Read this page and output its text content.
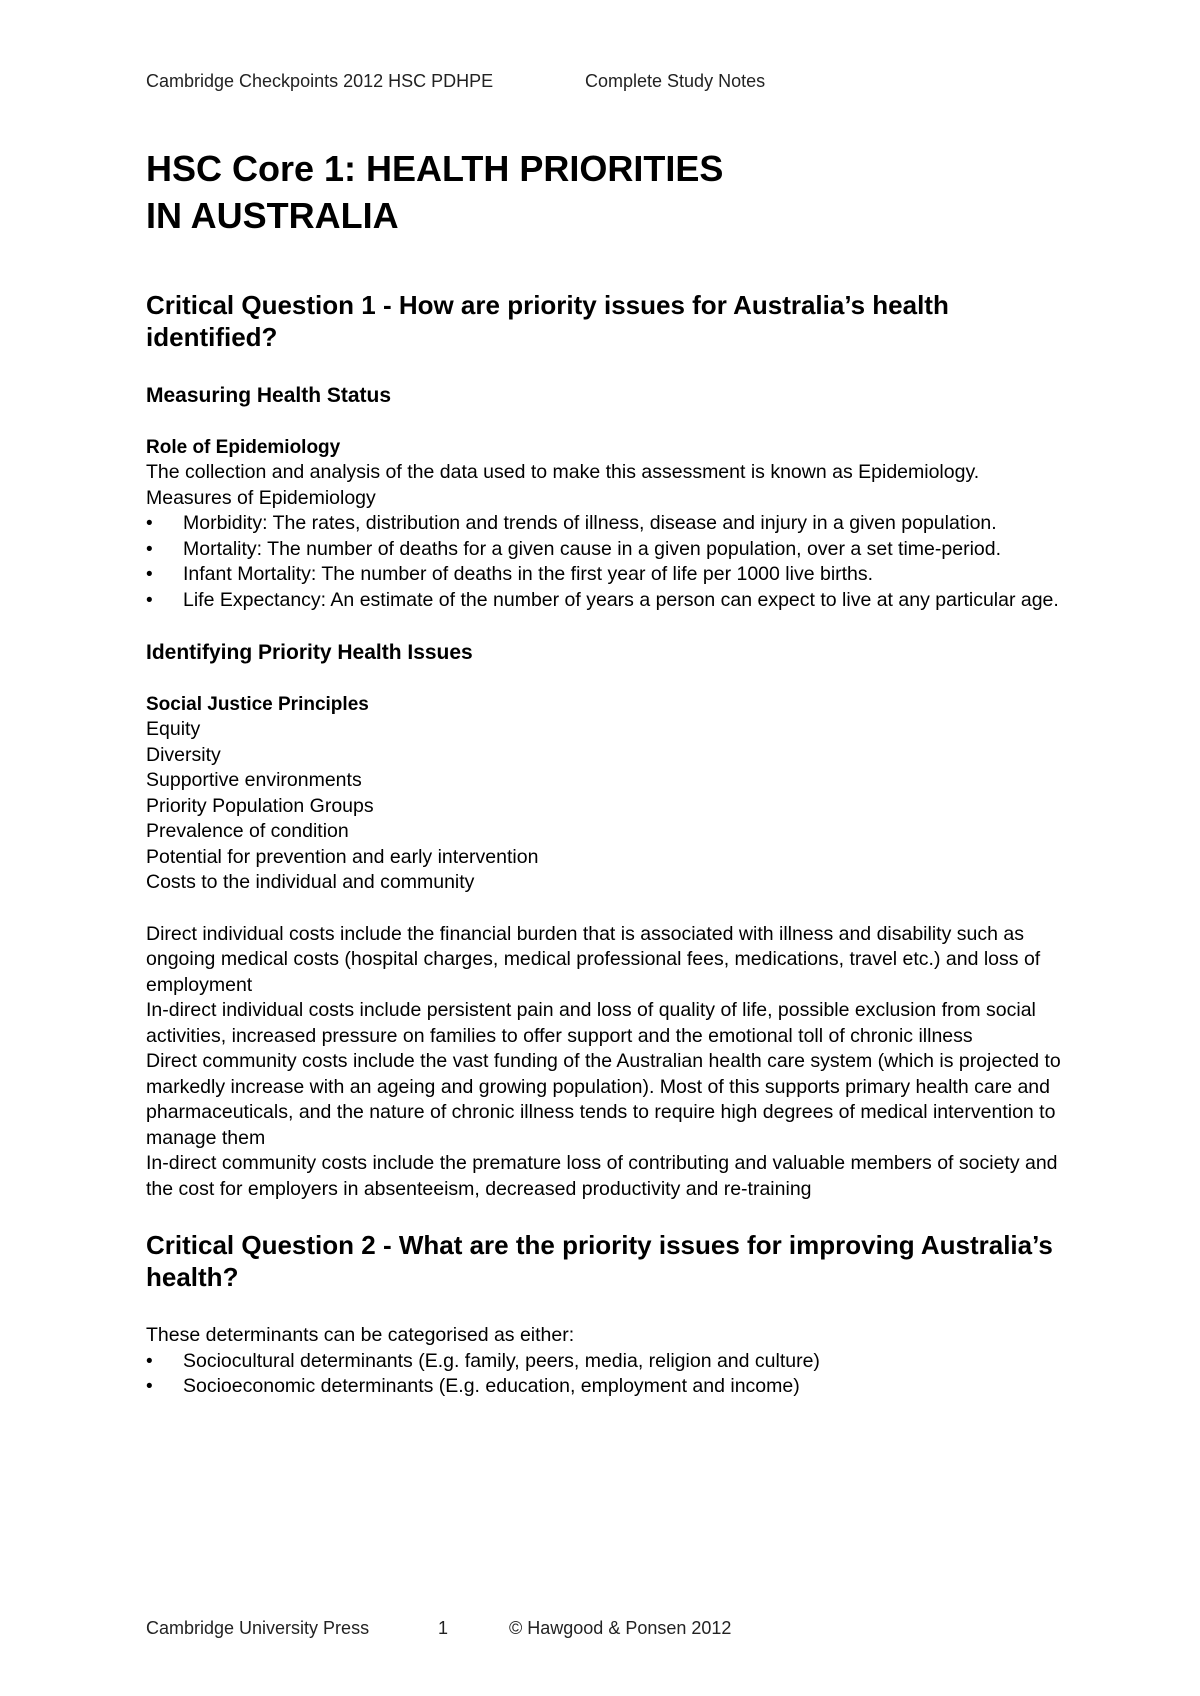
Cambridge Checkpoints 2012 HSC PDHPE	Complete Study Notes
HSC Core 1: HEALTH PRIORITIES
IN AUSTRALIA
Critical Question 1 - How are priority issues for Australia’s health identified?
Measuring Health Status
Role of Epidemiology

The collection and analysis of the data used to make this assessment is known as Epidemiology.

Measures of Epidemiology

• Morbidity: The rates, distribution and trends of illness, disease and injury in a given population.
• Mortality: The number of deaths for a given cause in a given population, over a set time-period.
• Infant Mortality: The number of deaths in the first year of life per 1000 live births.
• Life Expectancy: An estimate of the number of years a person can expect to live at any particular age.
Identifying Priority Health Issues
Social Justice Principles
Equity
Diversity
Supportive environments
Priority Population Groups
Prevalence of condition
Potential for prevention and early intervention
Costs to the individual and community

Direct individual costs include the financial burden that is associated with illness and disability such as ongoing medical costs (hospital charges, medical professional fees, medications, travel etc.) and loss of employment

In-direct individual costs include persistent pain and loss of quality of life, possible exclusion from social activities, increased pressure on families to offer support and the emotional toll of chronic illness

Direct community costs include the vast funding of the Australian health care system (which is projected to markedly increase with an ageing and growing population). Most of this supports primary health care and pharmaceuticals, and the nature of chronic illness tends to require high degrees of medical intervention to manage them

In-direct community costs include the premature loss of contributing and valuable members of society and the cost for employers in absenteeism, decreased productivity and re-training

Critical Question 2 - What are the priority issues for improving Australia’s health?

These determinants can be categorised as either:

• Sociocultural determinants (E.g. family, peers, media, religion and culture)
• Socioeconomic determinants (E.g. education, employment and income)
Cambridge University Press	1	© Hawgood & Ponsen 2012
